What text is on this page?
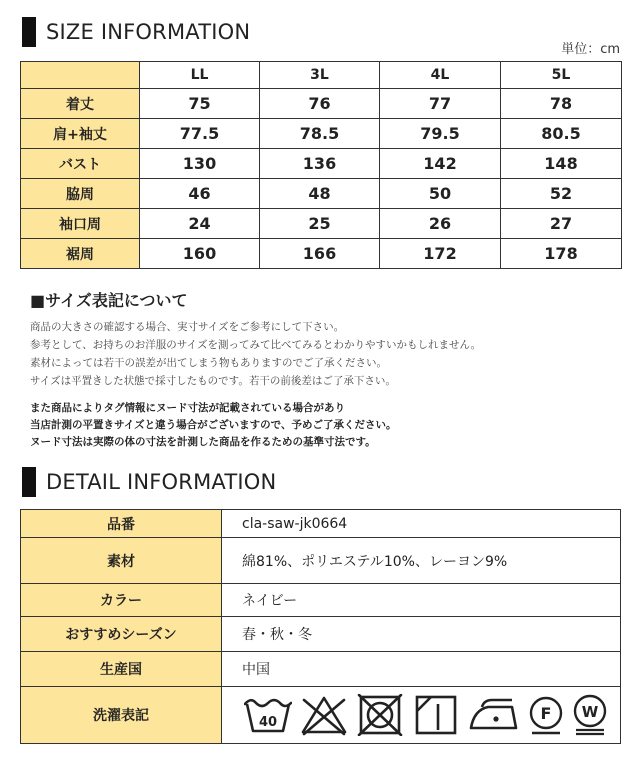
SIZE INFORMATION
単位：cm
	LL	3L	4L	5L
着丈	75	76	77	78
肩+袖丈	77.5	78.5	79.5	80.5
バスト	130	136	142	148
脇周	46	48	50	52
袖口周	24	25	26	27
裾周	160	166	172	178
■サイズ表記について

商品の大きさの確認する場合、実寸サイズをご参考にして下さい。

参考として、お持ちのお洋服のサイズを測ってみて比べてみるとわかりやすいかもしれません。

素材によっては若干の誤差が出てしまう物もありますのでご了承ください。

サイズは平置きした状態で採寸したものです。若干の前後差はご了承下さい。

また商品によりタグ情報にヌード寸法が記載されている場合があり

当店計測の平置きサイズと違う場合がございますので、予めご了承ください。

ヌード寸法は実際の体の寸法を計測した商品を作るための基準寸法です。

DETAIL INFORMATION
品番	cla-saw-jk0664
素材	綿81%、ポリエステル10%、レーヨン9%
カラー	ネイビー
おすすめシーズン	春・秋・冬
生産国	中国
洗濯表記	40 F W
